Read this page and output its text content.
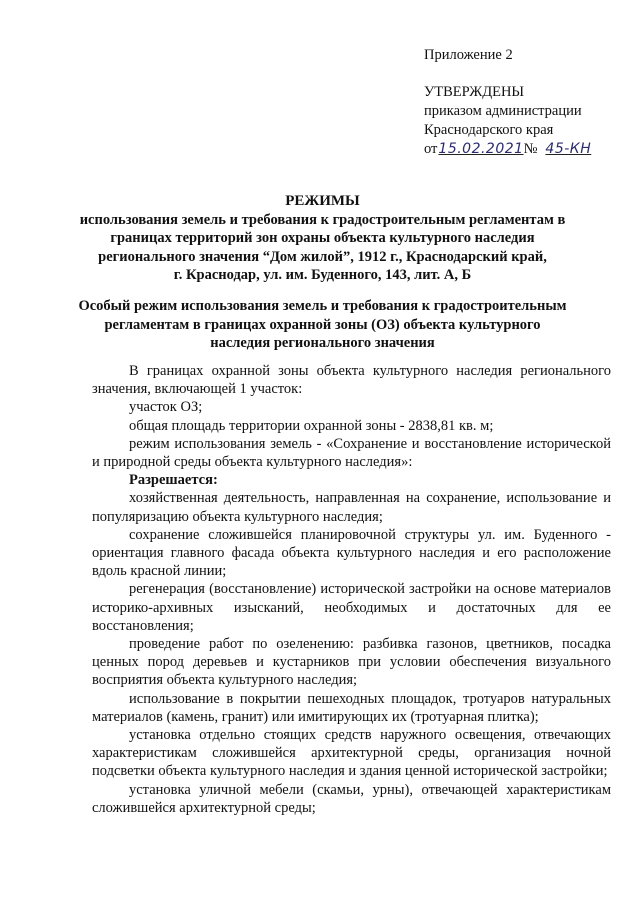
Приложение 2
УТВЕРЖДЕНЫ
приказом администрации
Краснодарского края
от15.02.2021№ 45-КН
РЕЖИМЫ
использования земель и требования к градостроительным регламентам в
границах территорий зон охраны объекта культурного наследия
регионального значения “Дом жилой”, 1912 г., Краснодарский край,
г. Краснодар, ул. им. Буденного, 143, лит. А, Б
Особый режим использования земель и требования к градостроительным
регламентам в границах охранной зоны (ОЗ) объекта культурного
наследия регионального значения

В границах охранной зоны объекта культурного наследия регионального значения, включающей 1 участок:

участок ОЗ;

общая площадь территории охранной зоны - 2838,81 кв. м;

режим использования земель - «Сохранение и восстановление исторической и природной среды объекта культурного наследия»:

Разрешается:

хозяйственная деятельность, направленная на сохранение, использование и популяризацию объекта культурного наследия;

сохранение сложившейся планировочной структуры ул. им. Буденного - ориентация главного фасада объекта культурного наследия и его расположение вдоль красной линии;

регенерация (восстановление) исторической застройки на основе материалов историко-архивных изысканий, необходимых и достаточных для ее восстановления;

проведение работ по озеленению: разбивка газонов, цветников, посадка ценных пород деревьев и кустарников при условии обеспечения визуального восприятия объекта культурного наследия;

использование в покрытии пешеходных площадок, тротуаров натуральных материалов (камень, гранит) или имитирующих их (тротуарная плитка);

установка отдельно стоящих средств наружного освещения, отвечающих характеристикам сложившейся архитектурной среды, организация ночной подсветки объекта культурного наследия и здания ценной исторической застройки;

установка уличной мебели (скамьи, урны), отвечающей характеристикам сложившейся архитектурной среды;
